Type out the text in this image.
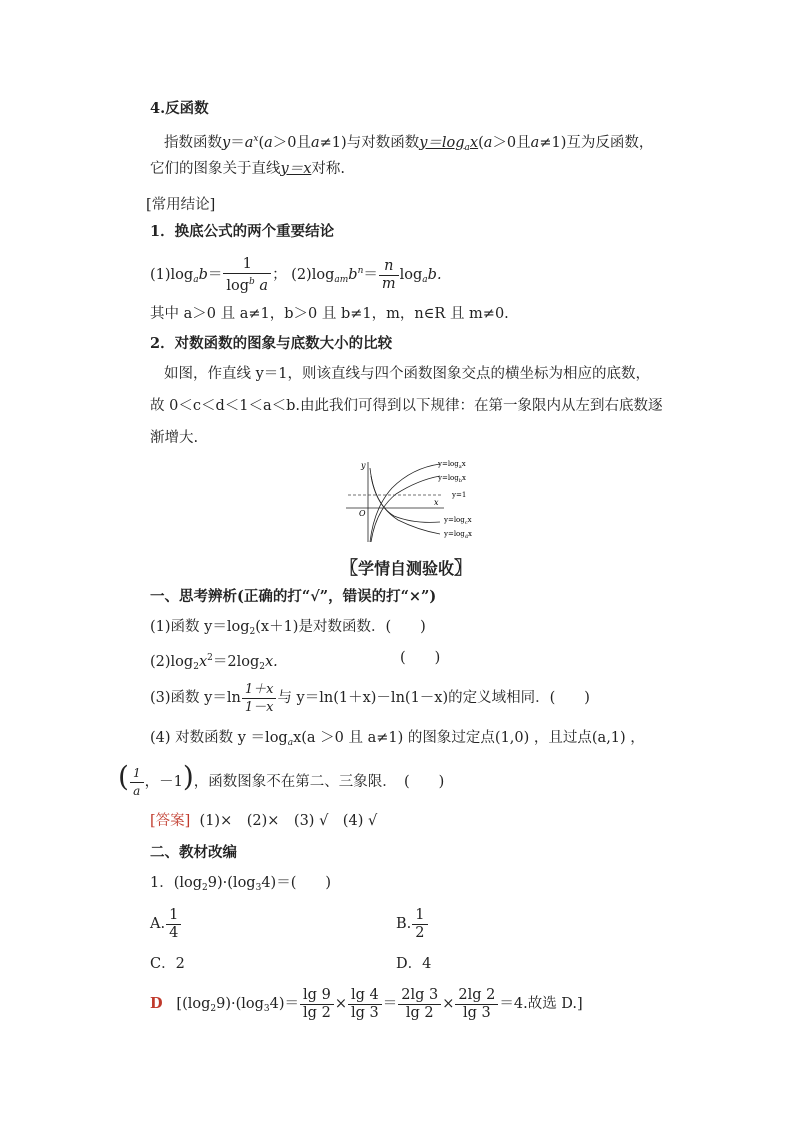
4.反函数
指数函数$y=a^x(a>0$且a≠1)与对数函数$y=\log_ax(a>0$且a≠1)互为反函数，
它们的图象关于直线y＝x对称.
[常用结论]
1．换底公式的两个重要结论
$(1)\log_ab= \frac{1}{\log^b a}$ ； $(2)\log_{am}b^n= \frac{n}{m} \log_ab$.
其中 a＞0 且 a≠1，b＞0 且 b≠1，m，n∈R 且 m≠0.
2．对数函数的图象与底数大小的比较
如图，作直线 y＝1，则该直线与四个函数图象交点的横坐标为相应的底数，
故 0＜c＜d＜1＜a＜b.由此我们可得到以下规律：在第一象限内从左到右底数逐
渐增大.
y
O
x
$y=\log_ax$
$y=\log_bx$
y=1
$y=\log_cx$
$y=\log_dx$
〖学情自测验收〗
一、思考辨析(正确的打“√”，错误的打“×”)
(1)函数 $y=\log_2(x+1)$是对数函数．(　　)
$(2)\log_2x^2=2\log_2x$.	(　　)
(3)函数 $y=\ln \frac{1+x}{1-x}$ 与 y＝ln(1＋x)－ln(1－x)的定义域相同．(　　)
(4) 对数函数 $y =\log_ax(a >0$ 且 a≠1) 的图象过定点(1,0) ，且过点(a,1) ，
( $\frac{1}{a}$ ，－1)，函数图象不在第二、三象限．　(　　)
[答案] (1)×　(2)×　(3) √　(4) √
二、教材改编
1．$(\log_29)\cdot(\log_34)=$(　　)
A. $\frac{1}{4}$	B. $\frac{1}{2}$
C．2	D．4
D [$(\log_29)\cdot(\log_34)= \frac{\lg 9}{\lg 2} \times \frac{\lg 4}{\lg 3} = \frac{2\lg 3}{\lg 2} \times \frac{2\lg 2}{\lg 3} =4$.故选 D.]
